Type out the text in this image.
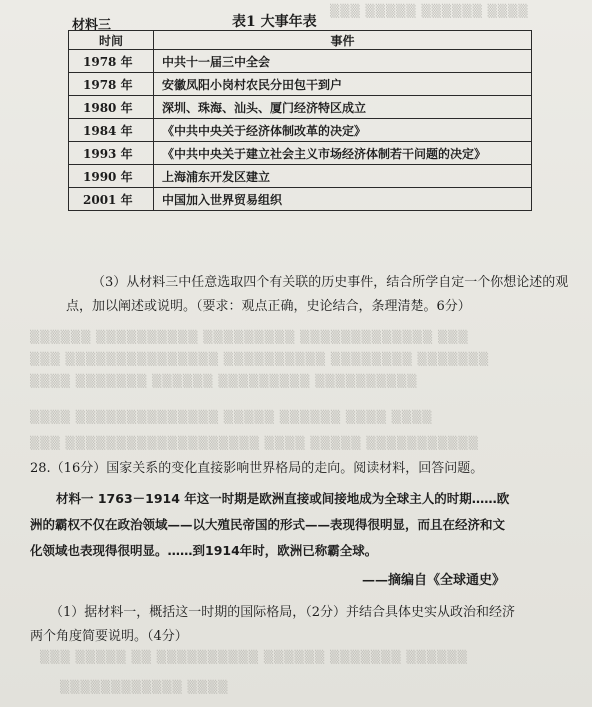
▒▒▒ ▒▒▒▒▒ ▒▒▒▒▒▒ ▒▒▒▒
▒▒▒▒▒▒ ▒▒▒▒▒▒▒▒▒▒ ▒▒▒▒▒▒▒▒▒ ▒▒▒▒▒▒▒▒▒▒▒▒▒ ▒▒▒
▒▒▒ ▒▒▒▒▒▒▒▒▒▒▒▒▒▒▒ ▒▒▒▒▒▒▒▒▒▒ ▒▒▒▒▒▒▒▒ ▒▒▒▒▒▒▒
▒▒▒▒ ▒▒▒▒▒▒▒ ▒▒▒▒▒▒ ▒▒▒▒▒▒▒▒▒ ▒▒▒▒▒▒▒▒▒▒
▒▒▒▒ ▒▒▒▒▒▒▒▒▒▒▒▒▒▒ ▒▒▒▒▒ ▒▒▒▒▒▒ ▒▒▒▒ ▒▒▒▒
▒▒▒ ▒▒▒▒▒▒▒▒▒▒▒▒▒▒▒▒▒▒▒ ▒▒▒▒ ▒▒▒▒▒ ▒▒▒▒▒▒▒▒▒▒▒
▒▒▒ ▒▒▒▒▒ ▒▒ ▒▒▒▒▒▒▒▒▒▒ ▒▒▒▒▒▒ ▒▒▒▒▒▒▒ ▒▒▒▒▒▒
▒▒▒▒▒▒▒▒▒▒▒▒ ▒▒▒▒
材料三	表1 大事年表
时间	事件
1978 年	中共十一届三中全会
1978 年	安徽凤阳小岗村农民分田包干到户
1980 年	深圳、珠海、汕头、厦门经济特区成立
1984 年	《中共中央关于经济体制改革的决定》
1993 年	《中共中央关于建立社会主义市场经济体制若干问题的决定》
1990 年	上海浦东开发区建立
2001 年	中国加入世界贸易组织
（3）从材料三中任意选取四个有关联的历史事件，结合所学自定一个你想论述的观
点，加以阐述或说明。（要求：观点正确，史论结合，条理清楚。6分）
28.（16分）国家关系的变化直接影响世界格局的走向。阅读材料，回答问题。
材料一 1763－1914 年这一时期是欧洲直接或间接地成为全球主人的时期……欧
洲的霸权不仅在政治领域——以大殖民帝国的形式——表现得很明显，而且在经济和文
化领域也表现得很明显。……到1914年时，欧洲已称霸全球。
——摘编自《全球通史》
（1）据材料一，概括这一时期的国际格局，（2分）并结合具体史实从政治和经济
两个角度简要说明。（4分）
